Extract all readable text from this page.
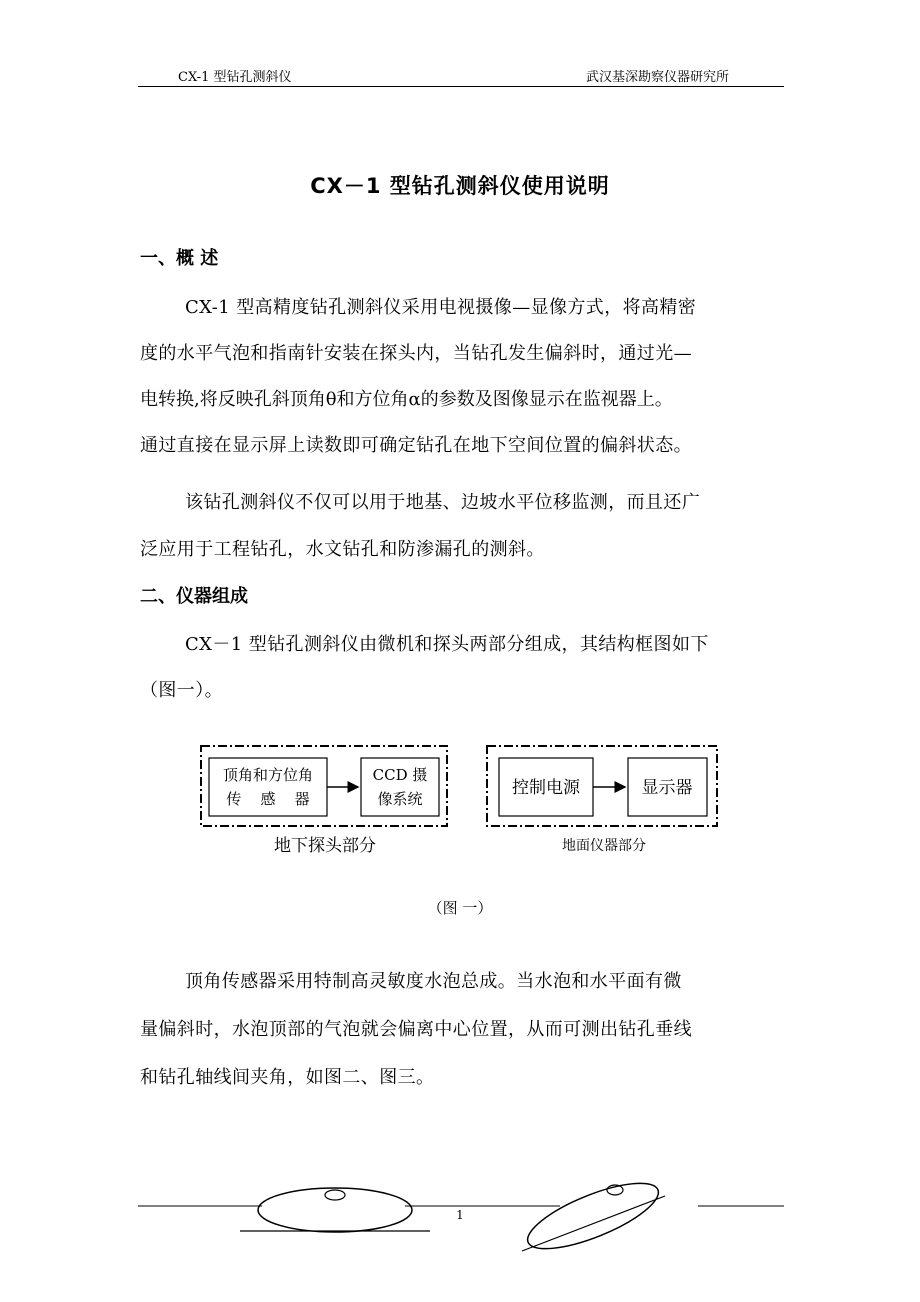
CX-1 型钻孔测斜仪	武汉基深勘察仪器研究所
CX－1 型钻孔测斜仪使用说明
一、概 述
CX-1 型高精度钻孔测斜仪采用电视摄像—显像方式，将高精密
度的水平气泡和指南针安装在探头内，当钻孔发生偏斜时，通过光—
电转换,将反映孔斜顶角θ和方位角α的参数及图像显示在监视器上。
通过直接在显示屏上读数即可确定钻孔在地下空间位置的偏斜状态。
该钻孔测斜仪不仅可以用于地基、边坡水平位移监测，而且还广
泛应用于工程钻孔，水文钻孔和防渗漏孔的测斜。
二、仪器组成
CX－1 型钻孔测斜仪由微机和探头两部分组成，其结构框图如下
（图一）。
顶角和方位角
传    感    器
CCD 摄
像系统
地下探头部分
控制电源	显示器
地面仪器部分
（图 一）
顶角传感器采用特制高灵敏度水泡总成。当水泡和水平面有微
量偏斜时，水泡顶部的气泡就会偏离中心位置，从而可测出钻孔垂线
和钻孔轴线间夹角，如图二、图三。
1
